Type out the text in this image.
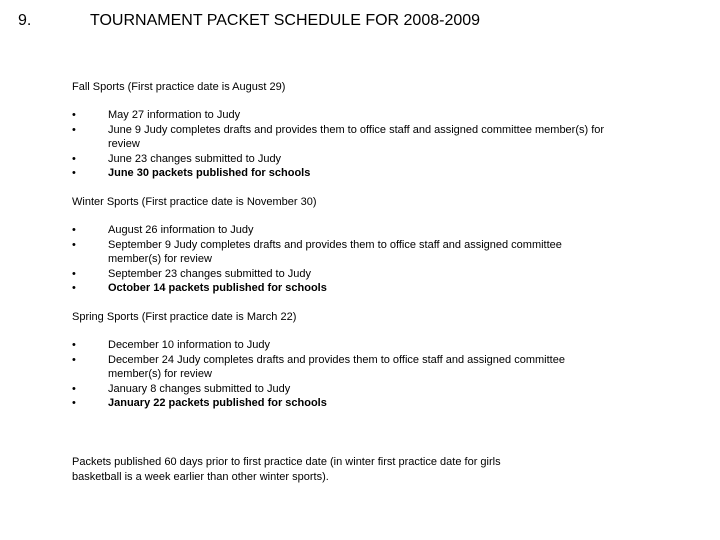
9.	TOURNAMENT PACKET SCHEDULE FOR 2008-2009
Fall Sports (First practice date is August 29)
•	May 27 information to Judy
•	June 9 Judy completes drafts and provides them to office staff and assigned committee member(s) for review
•	June 23 changes submitted to Judy
•	June 30 packets published for schools
Winter Sports (First practice date is November 30)
•	August 26 information to Judy
•	September 9 Judy completes drafts and provides them to office staff and assigned committee member(s) for review
•	September 23 changes submitted to Judy
•	October 14 packets published for schools
Spring Sports (First practice date is March 22)
•	December 10 information to Judy
•	December 24 Judy completes drafts and provides them to office staff and assigned committee member(s) for review
•	January 8 changes submitted to Judy
•	January 22 packets published for schools
Packets published 60 days prior to first practice date (in winter first practice date for girls basketball is a week earlier than other winter sports).
